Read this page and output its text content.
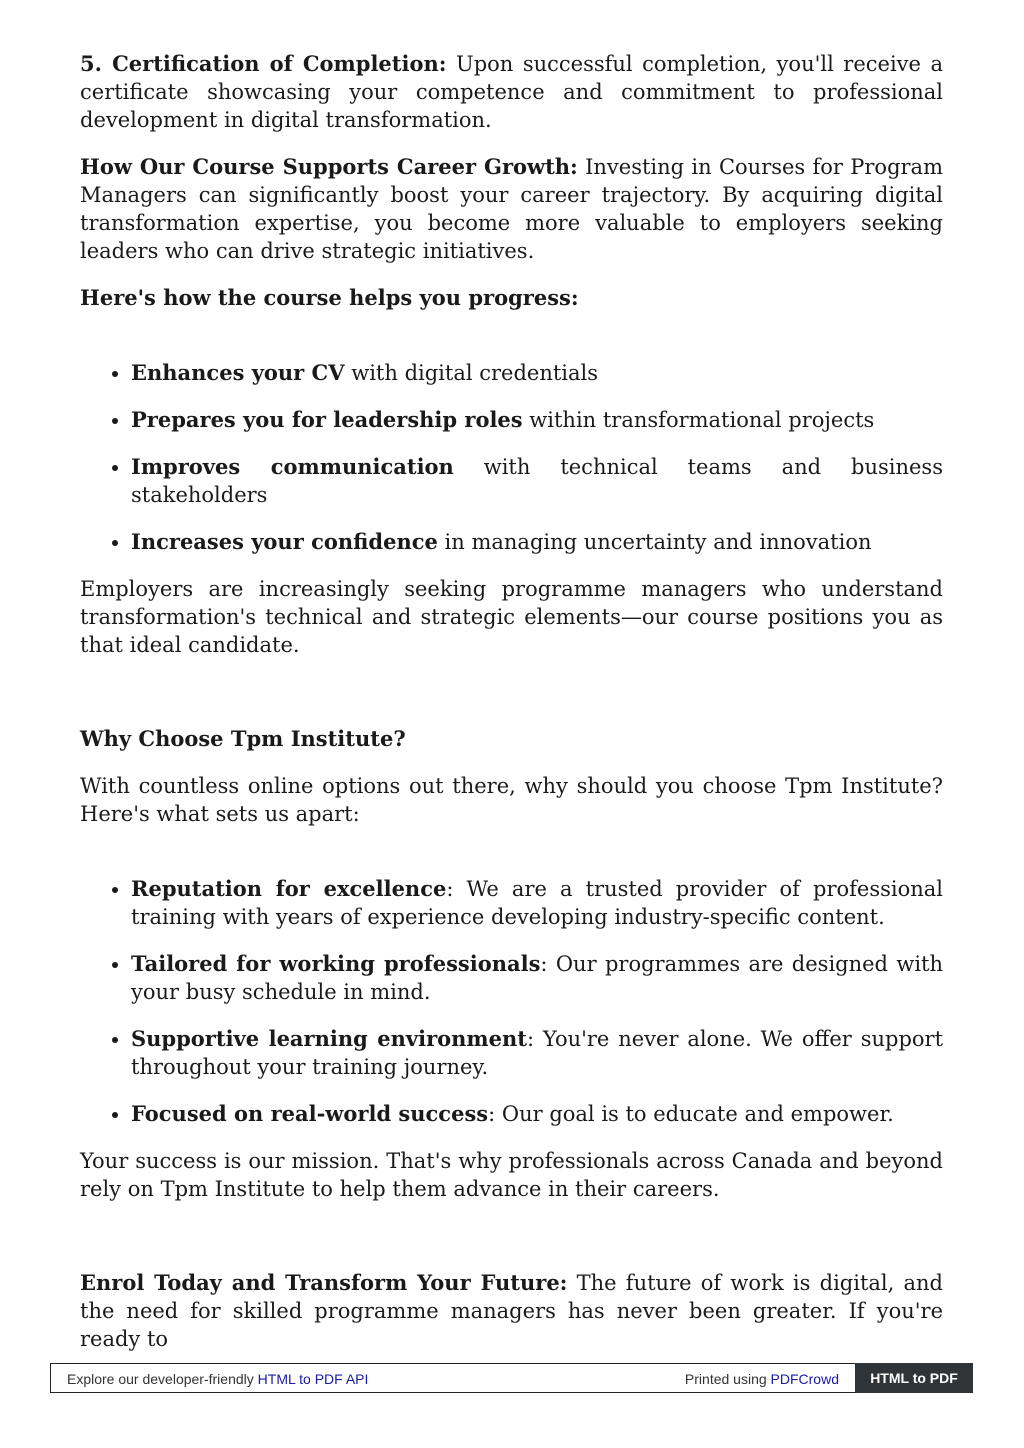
5. Certification of Completion: Upon successful completion, you'll receive a certificate showcasing your competence and commitment to professional development in digital transformation.

How Our Course Supports Career Growth: Investing in Courses for Program Managers can significantly boost your career trajectory. By acquiring digital transformation expertise, you become more valuable to employers seeking leaders who can drive strategic initiatives.

Here's how the course helps you progress:

• Enhances your CV with digital credentials
• Prepares you for leadership roles within transformational projects
• Improves communication with technical teams and business stakeholders
• Increases your confidence in managing uncertainty and innovation

Employers are increasingly seeking programme managers who understand transformation's technical and strategic elements—our course positions you as that ideal candidate.

Why Choose Tpm Institute?

With countless online options out there, why should you choose Tpm Institute? Here's what sets us apart:

• Reputation for excellence: We are a trusted provider of professional training with years of experience developing industry-specific content.
• Tailored for working professionals: Our programmes are designed with your busy schedule in mind.
• Supportive learning environment: You're never alone. We offer support throughout your training journey.
• Focused on real-world success: Our goal is to educate and empower.

Your success is our mission. That's why professionals across Canada and beyond rely on Tpm Institute to help them advance in their careers.

Enrol Today and Transform Your Future: The future of work is digital, and the need for skilled programme managers has never been greater. If you're ready to

Explore our developer-friendly HTML to PDF API	Printed using PDFCrowd	HTML to PDF
